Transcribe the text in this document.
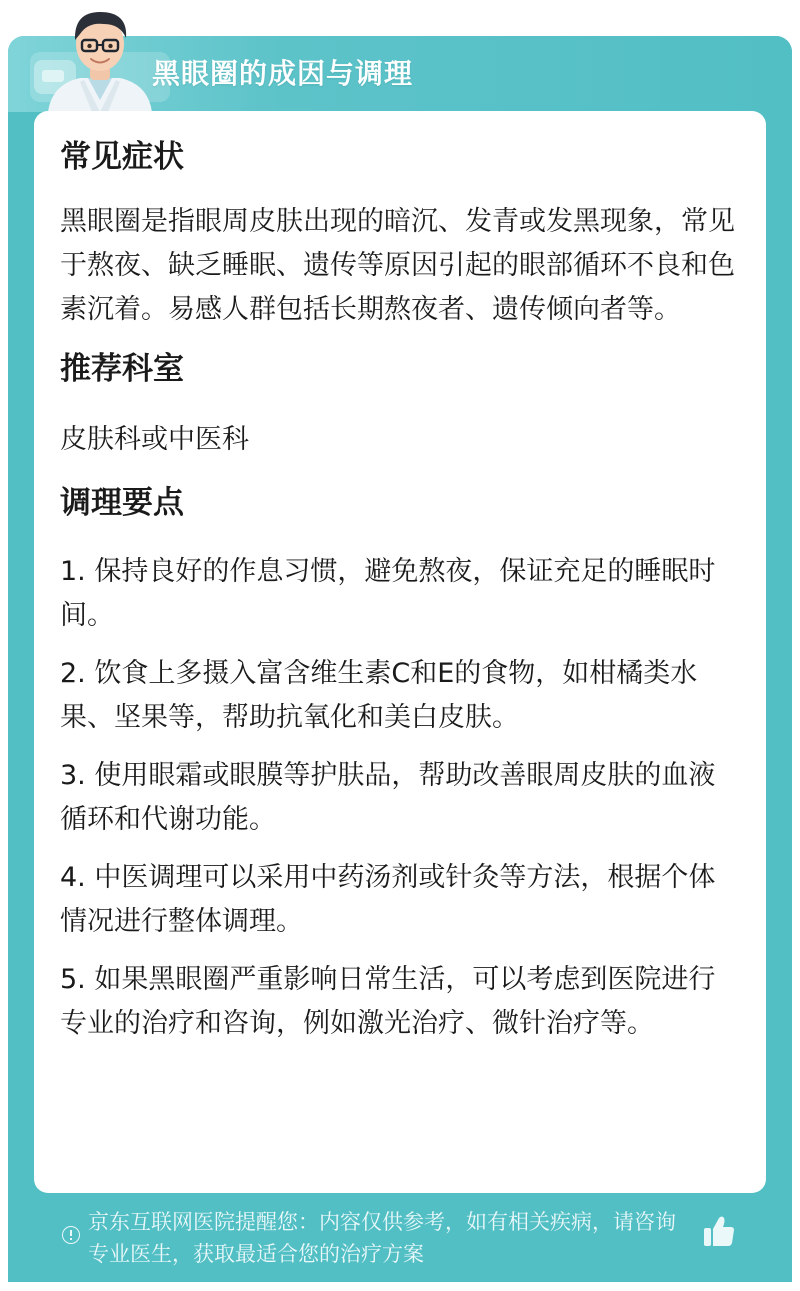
黑眼圈的成因与调理
常见症状

黑眼圈是指眼周皮肤出现的暗沉、发青或发黑现象，常见于熬夜、缺乏睡眠、遗传等原因引起的眼部循环不良和色素沉着。易感人群包括长期熬夜者、遗传倾向者等。

推荐科室

皮肤科或中医科

调理要点

1. 保持良好的作息习惯，避免熬夜，保证充足的睡眠时间。

2. 饮食上多摄入富含维生素C和E的食物，如柑橘类水果、坚果等，帮助抗氧化和美白皮肤。

3. 使用眼霜或眼膜等护肤品，帮助改善眼周皮肤的血液循环和代谢功能。

4. 中医调理可以采用中药汤剂或针灸等方法，根据个体情况进行整体调理。

5. 如果黑眼圈严重影响日常生活，可以考虑到医院进行专业的治疗和咨询，例如激光治疗、微针治疗等。

京东互联网医院提醒您：内容仅供参考，如有相关疾病，请咨询专业医生，获取最适合您的治疗方案
